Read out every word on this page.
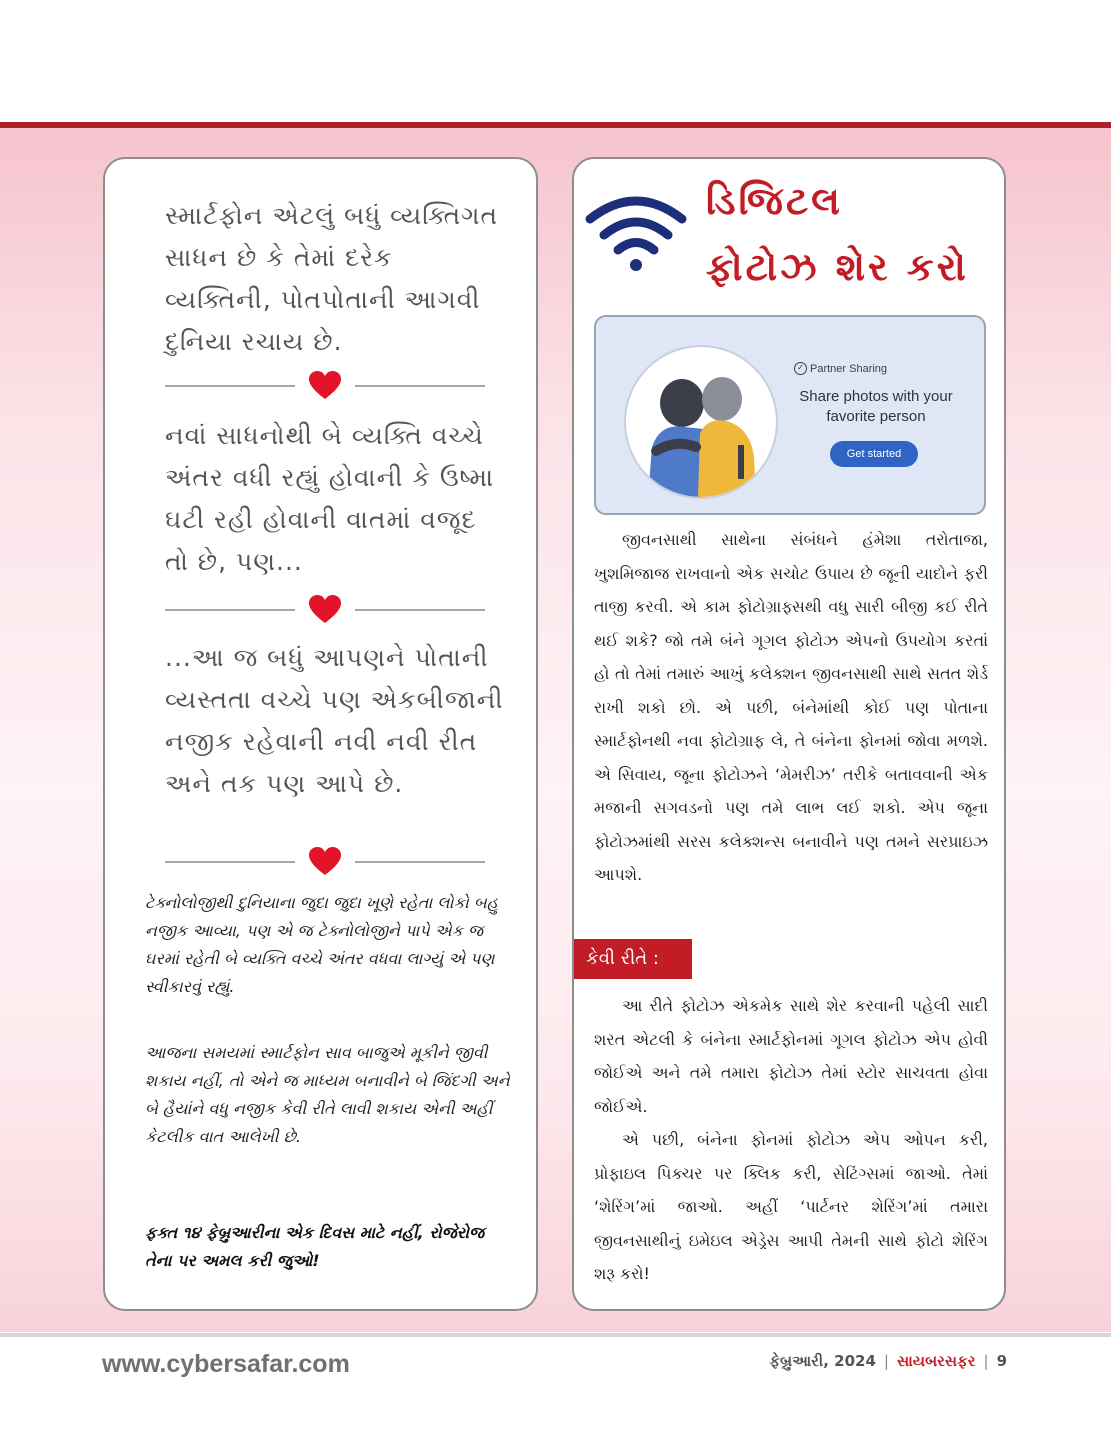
સ્માર્ટફોન એટલું બધું વ્યક્તિગત સાધન છે કે તેમાં દરેક વ્યક્તિની, પોતપોતાની આગવી દુનિયા રચાય છે.
નવાં સાધનોથી બે વ્યક્તિ વચ્ચે અંતર વધી રહ્યું હોવાની કે ઉષ્મા ઘટી રહી હોવાની વાતમાં વજૂદ તો છે, પણ...
...આ જ બધું આપણને પોતાની વ્યસ્તતા વચ્ચે પણ એકબીજાની નજીક રહેવાની નવી નવી રીત અને તક પણ આપે છે.
ટેક્નોલોજીથી દુનિયાના જુદા જુદા ખૂણે રહેતા લોકો બહુ નજીક આવ્યા, પણ એ જ ટેક્નોલોજીને પાપે એક જ ઘરમાં રહેતી બે વ્યક્તિ વચ્ચે અંતર વધવા લાગ્યું એ પણ સ્વીકારવું રહ્યું.
આજના સમયમાં સ્માર્ટફોન સાવ બાજુએ મૂકીને જીવી શકાય નહીં, તો એને જ માધ્યમ બનાવીને બે જિંદગી અને બે હૈયાંને વધુ નજીક કેવી રીતે લાવી શકાય એની અહીં કેટલીક વાત આલેખી છે.
ફક્ત ૧૪ ફેબ્રુઆરીના એક દિવસ માટે નહીં, રોજેરોજ તેના પર અમલ કરી જુઓ!
ડિજિટલ
ફોટોઝ શેર કરો
✓ Partner Sharing
Share photos with your favorite person
Get started

જીવનસાથી સાથેના સંબંધને હંમેશા તરોતાજા, ખુશમિજાજ રાખવાનો એક સચોટ ઉપાય છે જૂની યાદોને ફરી તાજી કરવી. એ કામ ફોટોગ્રાફ્સથી વધુ સારી બીજી કઈ રીતે થઈ શકે? જો તમે બંને ગૂગલ ફોટોઝ એપનો ઉપયોગ કરતાં હો તો તેમાં તમારું આખું કલેક્શન જીવનસાથી સાથે સતત શેર્ડ રાખી શકો છો. એ પછી, બંનેમાંથી કોઈ પણ પોતાના સ્માર્ટફોનથી નવા ફોટોગ્રાફ લે, તે બંનેના ફોનમાં જોવા મળશે. એ સિવાય, જૂના ફોટોઝને ‘મેમરીઝ’ તરીકે બતાવવાની એક મજાની સગવડનો પણ તમે લાભ લઈ શકો. એપ જૂના ફોટોઝમાંથી સરસ કલેક્શન્સ બનાવીને પણ તમને સરપ્રાઇઝ આપશે.

કેવી રીતે :

આ રીતે ફોટોઝ એકમેક સાથે શેર કરવાની પહેલી સાદી શરત એટલી કે બંનેના સ્માર્ટફોનમાં ગૂગલ ફોટોઝ એપ હોવી જોઈએ અને તમે તમારા ફોટોઝ તેમાં સ્ટોર સાચવતા હોવા જોઈએ.

એ પછી, બંનેના ફોનમાં ફોટોઝ એપ ઓપન કરી, પ્રોફાઇલ પિક્ચર પર ક્લિક કરી, સેટિંગ્સમાં જાઓ. તેમાં ‘શેરિંગ’માં જાઓ. અહીં ‘પાર્ટનર શેરિંગ’માં તમારા જીવનસાથીનું ઇમેઇલ એડ્રેસ આપી તેમની સાથે ફોટો શેરિંગ શરૂ કરો!

www.cybersafar.com	ફેબ્રુઆરી, 2024 | સાયબરસફર | 9
